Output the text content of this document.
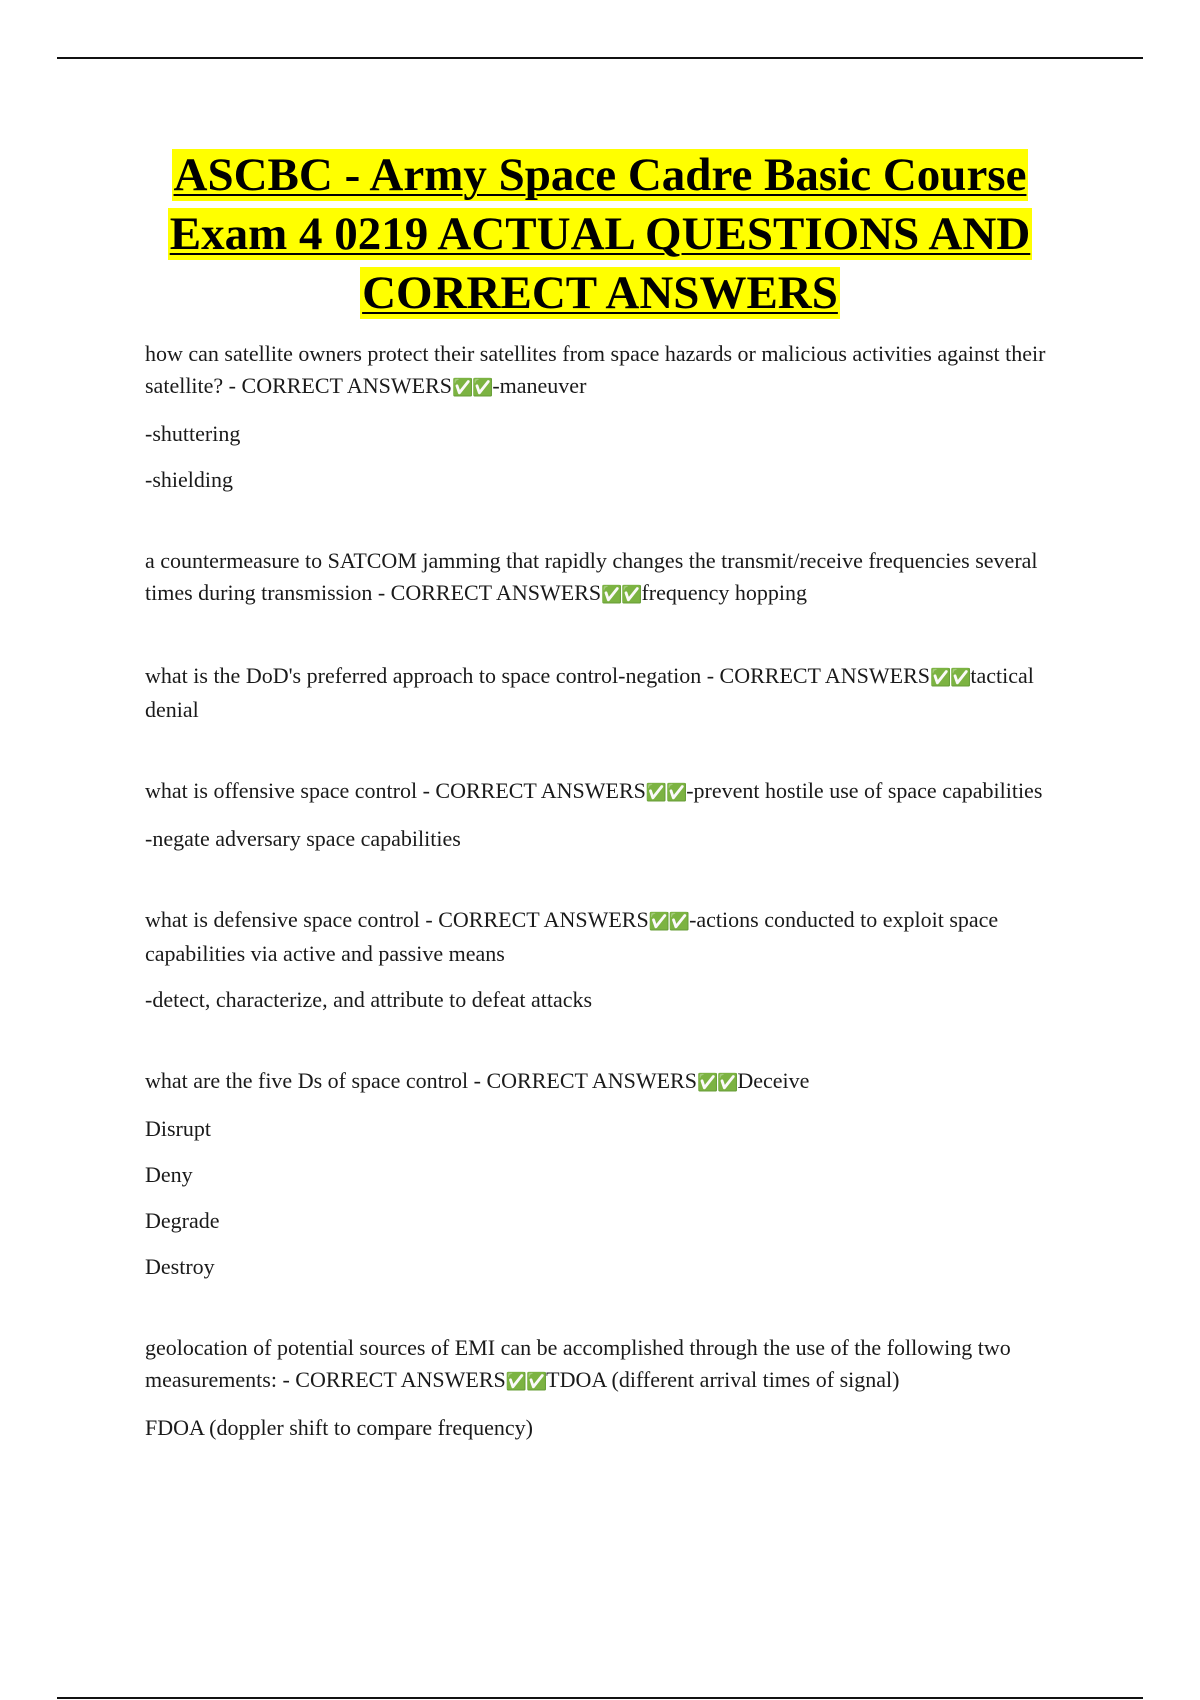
ASCBC - Army Space Cadre Basic Course
Exam 4 0219 ACTUAL QUESTIONS AND
CORRECT ANSWERS

how can satellite owners protect their satellites from space hazards or malicious activities against their satellite? - CORRECT ANSWERS✅✅-maneuver

-shuttering

-shielding

a countermeasure to SATCOM jamming that rapidly changes the transmit/receive frequencies several times during transmission - CORRECT ANSWERS✅✅frequency hopping

what is the DoD's preferred approach to space control-negation - CORRECT ANSWERS✅✅tactical denial

what is offensive space control - CORRECT ANSWERS✅✅-prevent hostile use of space capabilities

-negate adversary space capabilities

what is defensive space control - CORRECT ANSWERS✅✅-actions conducted to exploit space capabilities via active and passive means

-detect, characterize, and attribute to defeat attacks

what are the five Ds of space control - CORRECT ANSWERS✅✅Deceive

Disrupt

Deny

Degrade

Destroy

geolocation of potential sources of EMI can be accomplished through the use of the following two measurements: - CORRECT ANSWERS✅✅TDOA (different arrival times of signal)

FDOA (doppler shift to compare frequency)
